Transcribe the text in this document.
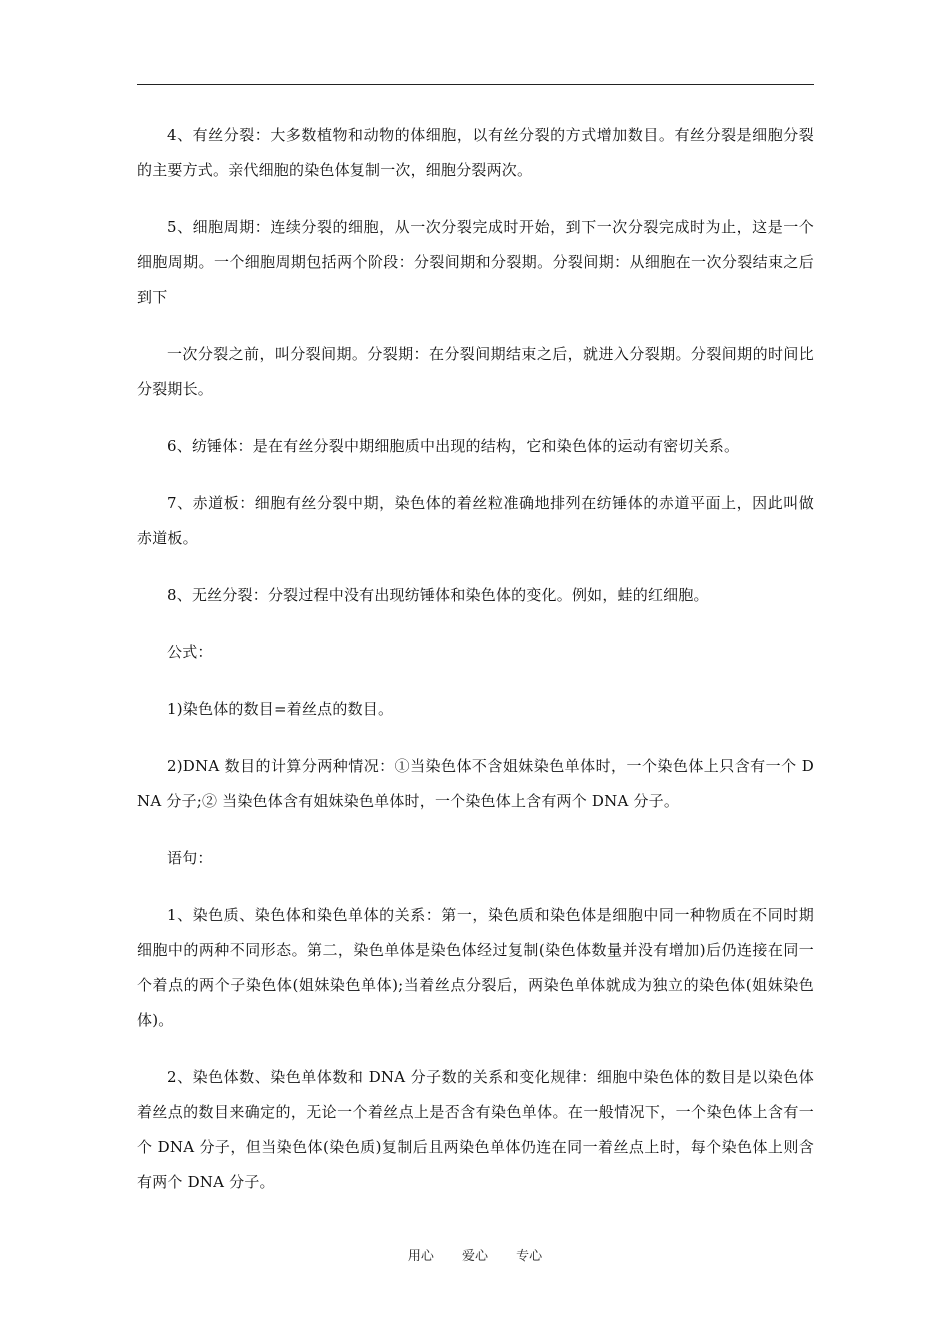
4、有丝分裂：大多数植物和动物的体细胞，以有丝分裂的方式增加数目。有丝分裂是细胞分裂的主要方式。亲代细胞的染色体复制一次，细胞分裂两次。

5、细胞周期：连续分裂的细胞，从一次分裂完成时开始，到下一次分裂完成时为止，这是一个细胞周期。一个细胞周期包括两个阶段：分裂间期和分裂期。分裂间期：从细胞在一次分裂结束之后到下

一次分裂之前，叫分裂间期。分裂期：在分裂间期结束之后，就进入分裂期。分裂间期的时间比分裂期长。

6、纺锤体：是在有丝分裂中期细胞质中出现的结构，它和染色体的运动有密切关系。

7、赤道板：细胞有丝分裂中期，染色体的着丝粒准确地排列在纺锤体的赤道平面上，因此叫做赤道板。

8、无丝分裂：分裂过程中没有出现纺锤体和染色体的变化。例如，蛙的红细胞。

公式：

1)染色体的数目=着丝点的数目。

2)DNA 数目的计算分两种情况：①当染色体不含姐妹染色单体时，一个染色体上只含有一个 DNA 分子;② 当染色体含有姐妹染色单体时，一个染色体上含有两个 DNA 分子。

语句：

1、染色质、染色体和染色单体的关系：第一，染色质和染色体是细胞中同一种物质在不同时期细胞中的两种不同形态。第二，染色单体是染色体经过复制(染色体数量并没有增加)后仍连接在同一个着点的两个子染色体(姐妹染色单体);当着丝点分裂后，两染色单体就成为独立的染色体(姐妹染色体)。

2、染色体数、染色单体数和 DNA 分子数的关系和变化规律：细胞中染色体的数目是以染色体着丝点的数目来确定的，无论一个着丝点上是否含有染色单体。在一般情况下，一个染色体上含有一个 DNA 分子，但当染色体(染色质)复制后且两染色单体仍连在同一着丝点上时，每个染色体上则含有两个 DNA 分子。

用心 爱心 专心
